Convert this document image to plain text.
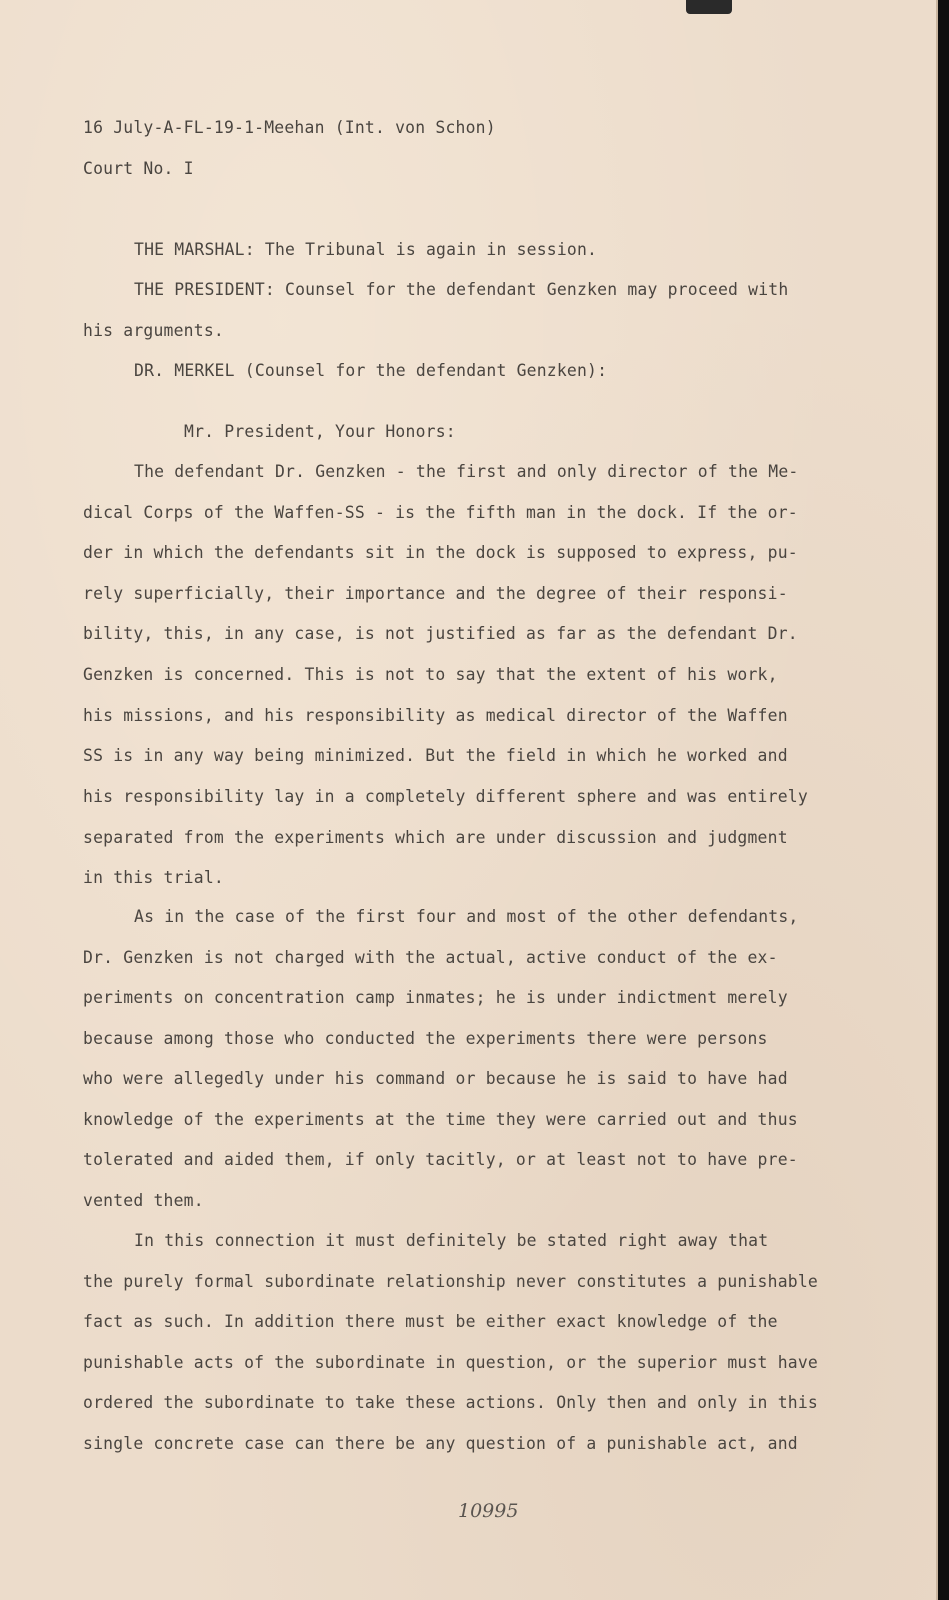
16 July-A-FL-19-1-Meehan (Int. von Schon)
Court No. I
THE MARSHAL: The Tribunal is again in session.
THE PRESIDENT: Counsel for the defendant Genzken may proceed with
his arguments.
DR. MERKEL (Counsel for the defendant Genzken):
Mr. President, Your Honors:
The defendant Dr. Genzken - the first and only director of the Me-
dical Corps of the Waffen-SS - is the fifth man in the dock. If the or-
der in which the defendants sit in the dock is supposed to express, pu-
rely superficially, their importance and the degree of their responsi-
bility, this, in any case, is not justified as far as the defendant Dr.
Genzken is concerned. This is not to say that the extent of his work,
his missions, and his responsibility as medical director of the Waffen
SS is in any way being minimized. But the field in which he worked and
his responsibility lay in a completely different sphere and was entirely
separated from the experiments which are under discussion and judgment
in this trial.
As in the case of the first four and most of the other defendants,
Dr. Genzken is not charged with the actual, active conduct of the ex-
periments on concentration camp inmates; he is under indictment merely
because among those who conducted the experiments there were persons
who were allegedly under his command or because he is said to have had
knowledge of the experiments at the time they were carried out and thus
tolerated and aided them, if only tacitly, or at least not to have pre-
vented them.
In this connection it must definitely be stated right away that
the purely formal subordinate relationship never constitutes a punishable
fact as such. In addition there must be either exact knowledge of the
punishable acts of the subordinate in question, or the superior must have
ordered the subordinate to take these actions. Only then and only in this
single concrete case can there be any question of a punishable act, and
10995
